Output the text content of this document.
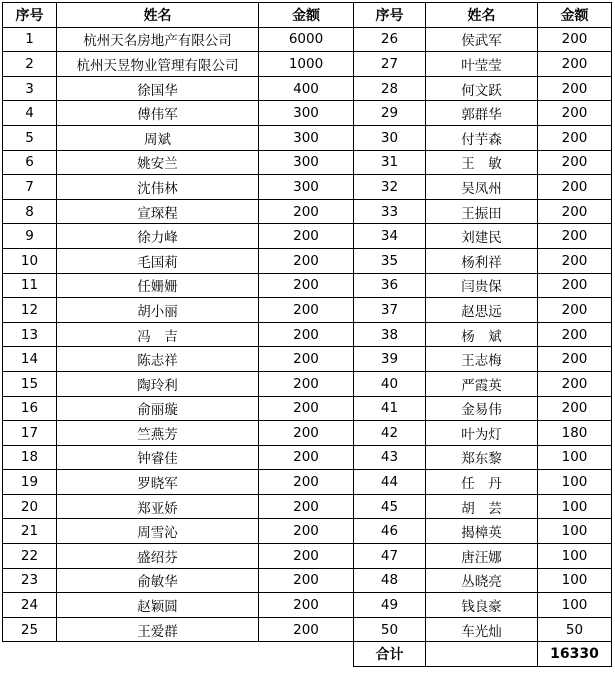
序号	姓名	金额	序号	姓名	金额
1	杭州天名房地产有限公司	6000	26	侯武军	200
2	杭州天昱物业管理有限公司	1000	27	叶莹莹	200
3	徐国华	400	28	何文跃	200
4	傅伟军	300	29	郭群华	200
5	周斌	300	30	付芋森	200
6	姚安兰	300	31	王　敏	200
7	沈伟林	300	32	吴凤州	200
8	宣琛程	200	33	王振田	200
9	徐力峰	200	34	刘建民	200
10	毛国莉	200	35	杨利祥	200
11	任姗姗	200	36	闫贵保	200
12	胡小丽	200	37	赵思远	200
13	冯　吉	200	38	杨　斌	200
14	陈志祥	200	39	王志梅	200
15	陶玲利	200	40	严霞英	200
16	俞丽璇	200	41	金易伟	200
17	竺燕芳	200	42	叶为灯	180
18	钟睿佳	200	43	郑东黎	100
19	罗晓军	200	44	任　丹	100
20	郑亚娇	200	45	胡　芸	100
21	周雪沁	200	46	揭樟英	100
22	盛绍芬	200	47	唐汪娜	100
23	俞敏华	200	48	丛晓亮	100
24	赵颖圆	200	49	钱良豪	100
25	王爱群	200	50	车光灿	50
			合计		16330
